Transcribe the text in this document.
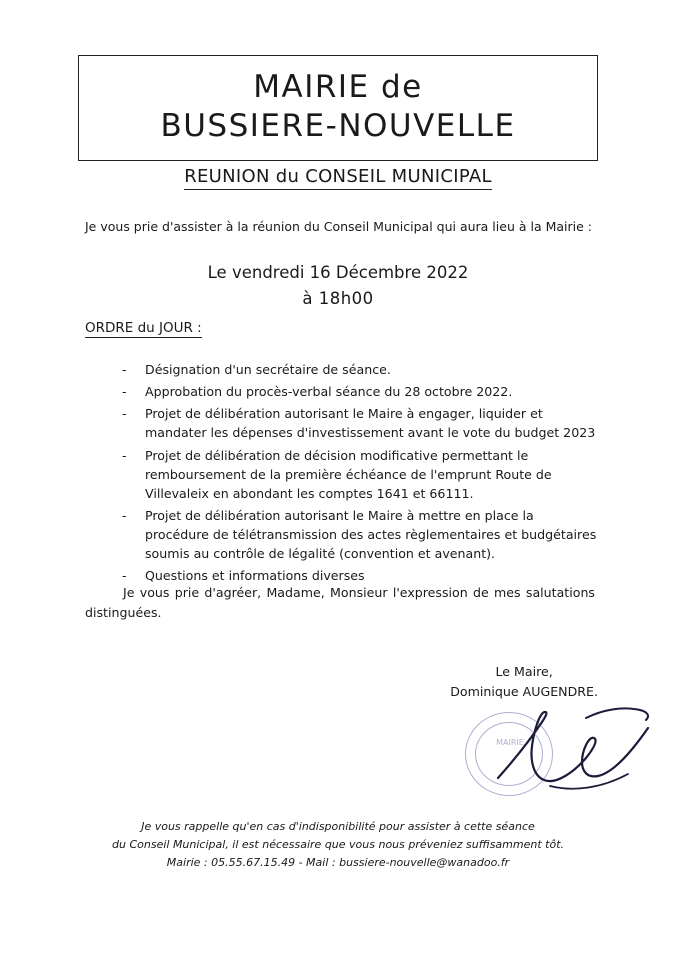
MAIRIE de
BUSSIERE-NOUVELLE
REUNION du CONSEIL MUNICIPAL
Je vous prie d'assister à la réunion du Conseil Municipal qui aura lieu à la Mairie :
Le vendredi 16 Décembre 2022
à 18h00
ORDRE du JOUR :
- Désignation d'un secrétaire de séance.
- Approbation du procès-verbal séance du 28 octobre 2022.
- Projet de délibération autorisant le Maire à engager, liquider et mandater les dépenses d'investissement avant le vote du budget 2023
- Projet de délibération de décision modificative permettant le remboursement de la première échéance de l'emprunt Route de Villevaleix en abondant les comptes 1641 et 66111.
- Projet de délibération autorisant le Maire à mettre en place la procédure de télétransmission des actes règlementaires et budgétaires soumis au contrôle de légalité (convention et avenant).
- Questions et informations diverses
Je vous prie d'agréer, Madame, Monsieur l'expression de mes salutations distinguées.
Le Maire,
Dominique AUGENDRE.
MAIRIE
Je vous rappelle qu'en cas d'indisponibilité pour assister à cette séance
du Conseil Municipal, il est nécessaire que vous nous préveniez suffisamment tôt.
Mairie : 05.55.67.15.49 - Mail : bussiere-nouvelle@wanadoo.fr
